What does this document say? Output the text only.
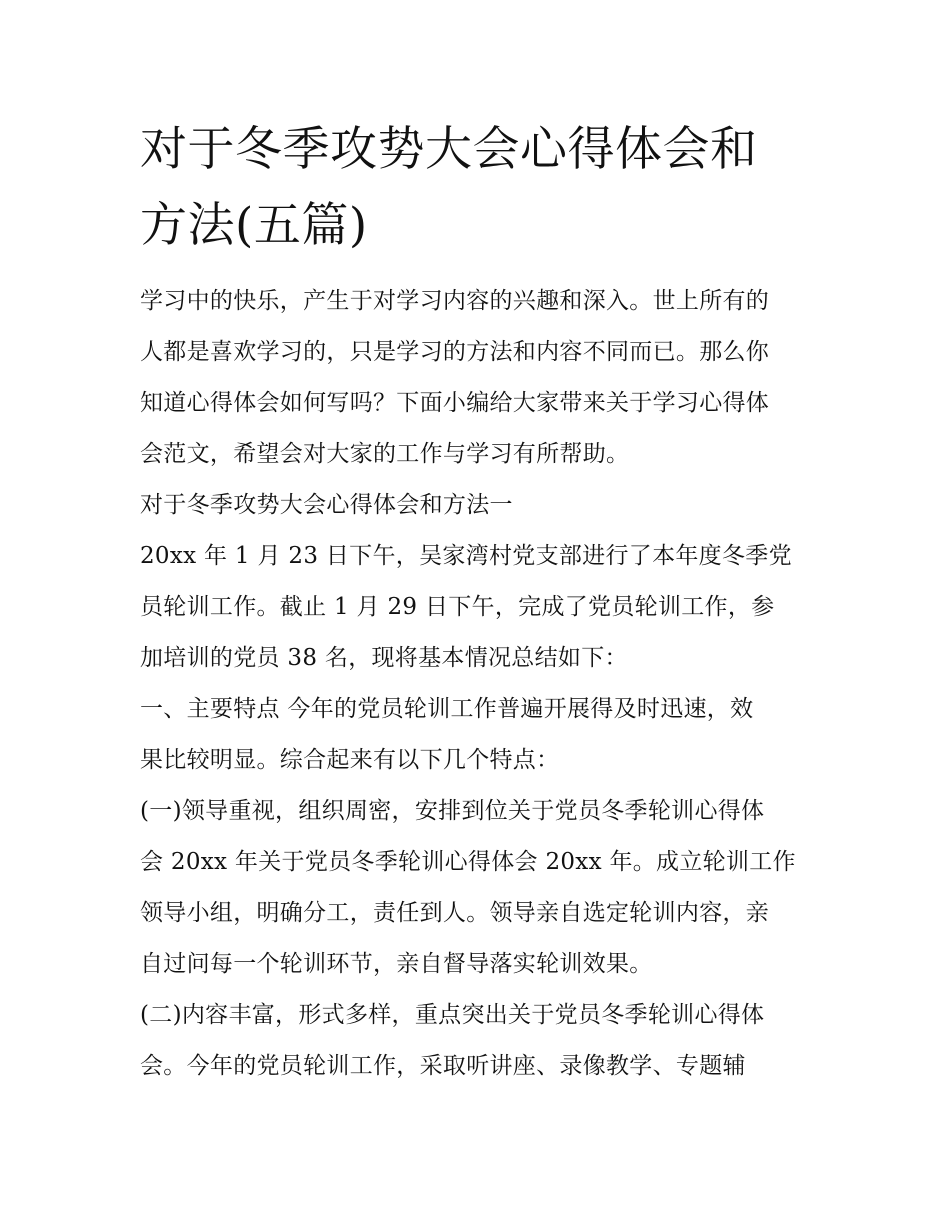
对于冬季攻势大会心得体会和
方法(五篇)
学习中的快乐，产生于对学习内容的兴趣和深入。世上所有的
人都是喜欢学习的，只是学习的方法和内容不同而已。那么你
知道心得体会如何写吗？下面小编给大家带来关于学习心得体
会范文，希望会对大家的工作与学习有所帮助。
对于冬季攻势大会心得体会和方法一
20xx 年 1 月 23 日下午，吴家湾村党支部进行了本年度冬季党
员轮训工作。截止 1 月 29 日下午，完成了党员轮训工作，参
加培训的党员 38 名，现将基本情况总结如下：
一、主要特点 今年的党员轮训工作普遍开展得及时迅速，效
果比较明显。综合起来有以下几个特点：
(一)领导重视，组织周密，安排到位关于党员冬季轮训心得体
会 20xx 年关于党员冬季轮训心得体会 20xx 年。成立轮训工作
领导小组，明确分工，责任到人。领导亲自选定轮训内容，亲
自过问每一个轮训环节，亲自督导落实轮训效果。
(二)内容丰富，形式多样，重点突出关于党员冬季轮训心得体
会。今年的党员轮训工作，采取听讲座、录像教学、专题辅
